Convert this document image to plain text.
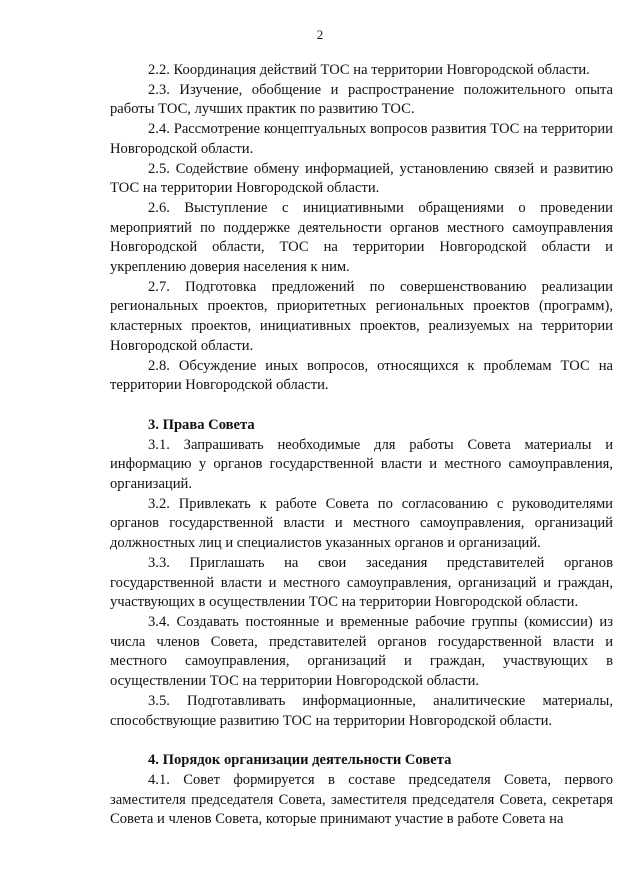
2

2.2. Координация действий ТОС на территории Новгородской области.

2.3. Изучение, обобщение и распространение положительного опыта работы ТОС, лучших практик по развитию ТОС.

2.4. Рассмотрение концептуальных вопросов развития ТОС на территории Новгородской области.

2.5. Содействие обмену информацией, установлению связей и развитию ТОС на территории Новгородской области.

2.6. Выступление с инициативными обращениями о проведении мероприятий по поддержке деятельности органов местного самоуправления Новгородской области, ТОС на территории Новгородской области и укреплению доверия населения к ним.

2.7. Подготовка предложений по совершенствованию реализации региональных проектов, приоритетных региональных проектов (программ), кластерных проектов, инициативных проектов, реализуемых на территории Новгородской области.

2.8. Обсуждение иных вопросов, относящихся к проблемам ТОС на территории Новгородской области.

3. Права Совета

3.1. Запрашивать необходимые для работы Совета материалы и информацию у органов государственной власти и местного самоуправления, организаций.

3.2. Привлекать к работе Совета по согласованию с руководителями органов государственной власти и местного самоуправления, организаций должностных лиц и специалистов указанных органов и организаций.

3.3. Приглашать на свои заседания представителей органов государственной власти и местного самоуправления, организаций и граждан, участвующих в осуществлении ТОС на территории Новгородской области.

3.4. Создавать постоянные и временные рабочие группы (комиссии) из числа членов Совета, представителей органов государственной власти и местного самоуправления, организаций и граждан, участвующих в осуществлении ТОС на территории Новгородской области.

3.5. Подготавливать информационные, аналитические материалы, способствующие развитию ТОС на территории Новгородской области.

4. Порядок организации деятельности Совета

4.1. Совет формируется в составе председателя Совета, первого заместителя председателя Совета, заместителя председателя Совета, секретаря Совета и членов Совета, которые принимают участие в работе Совета на
